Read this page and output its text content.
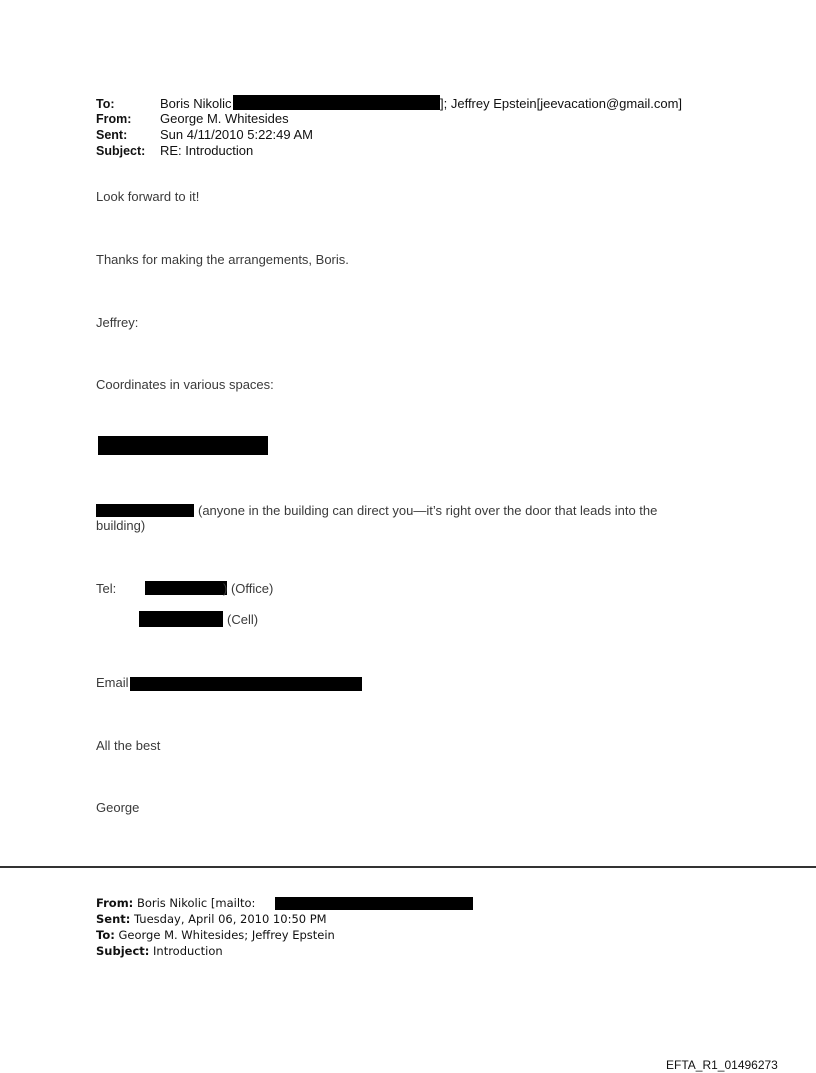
To:	Boris Nikolic	]; Jeffrey Epstein[jeevacation@gmail.com]
From: George M. Whitesides
Sent:	Sun 4/11/2010 5:22:49 AM
Subject: RE: Introduction
Look forward to it!
Thanks for making the arrangements, Boris.
Jeffrey:
Coordinates in various spaces:
(anyone in the building can direct you—it’s right over the door that leads into the
building)
Tel:	) (Office)
(Cell)
Email
All the best
George
From: Boris Nikolic [mailto:
Sent: Tuesday, April 06, 2010 10:50 PM
To: George M. Whitesides; Jeffrey Epstein
Subject: Introduction
EFTA_R1_01496273
